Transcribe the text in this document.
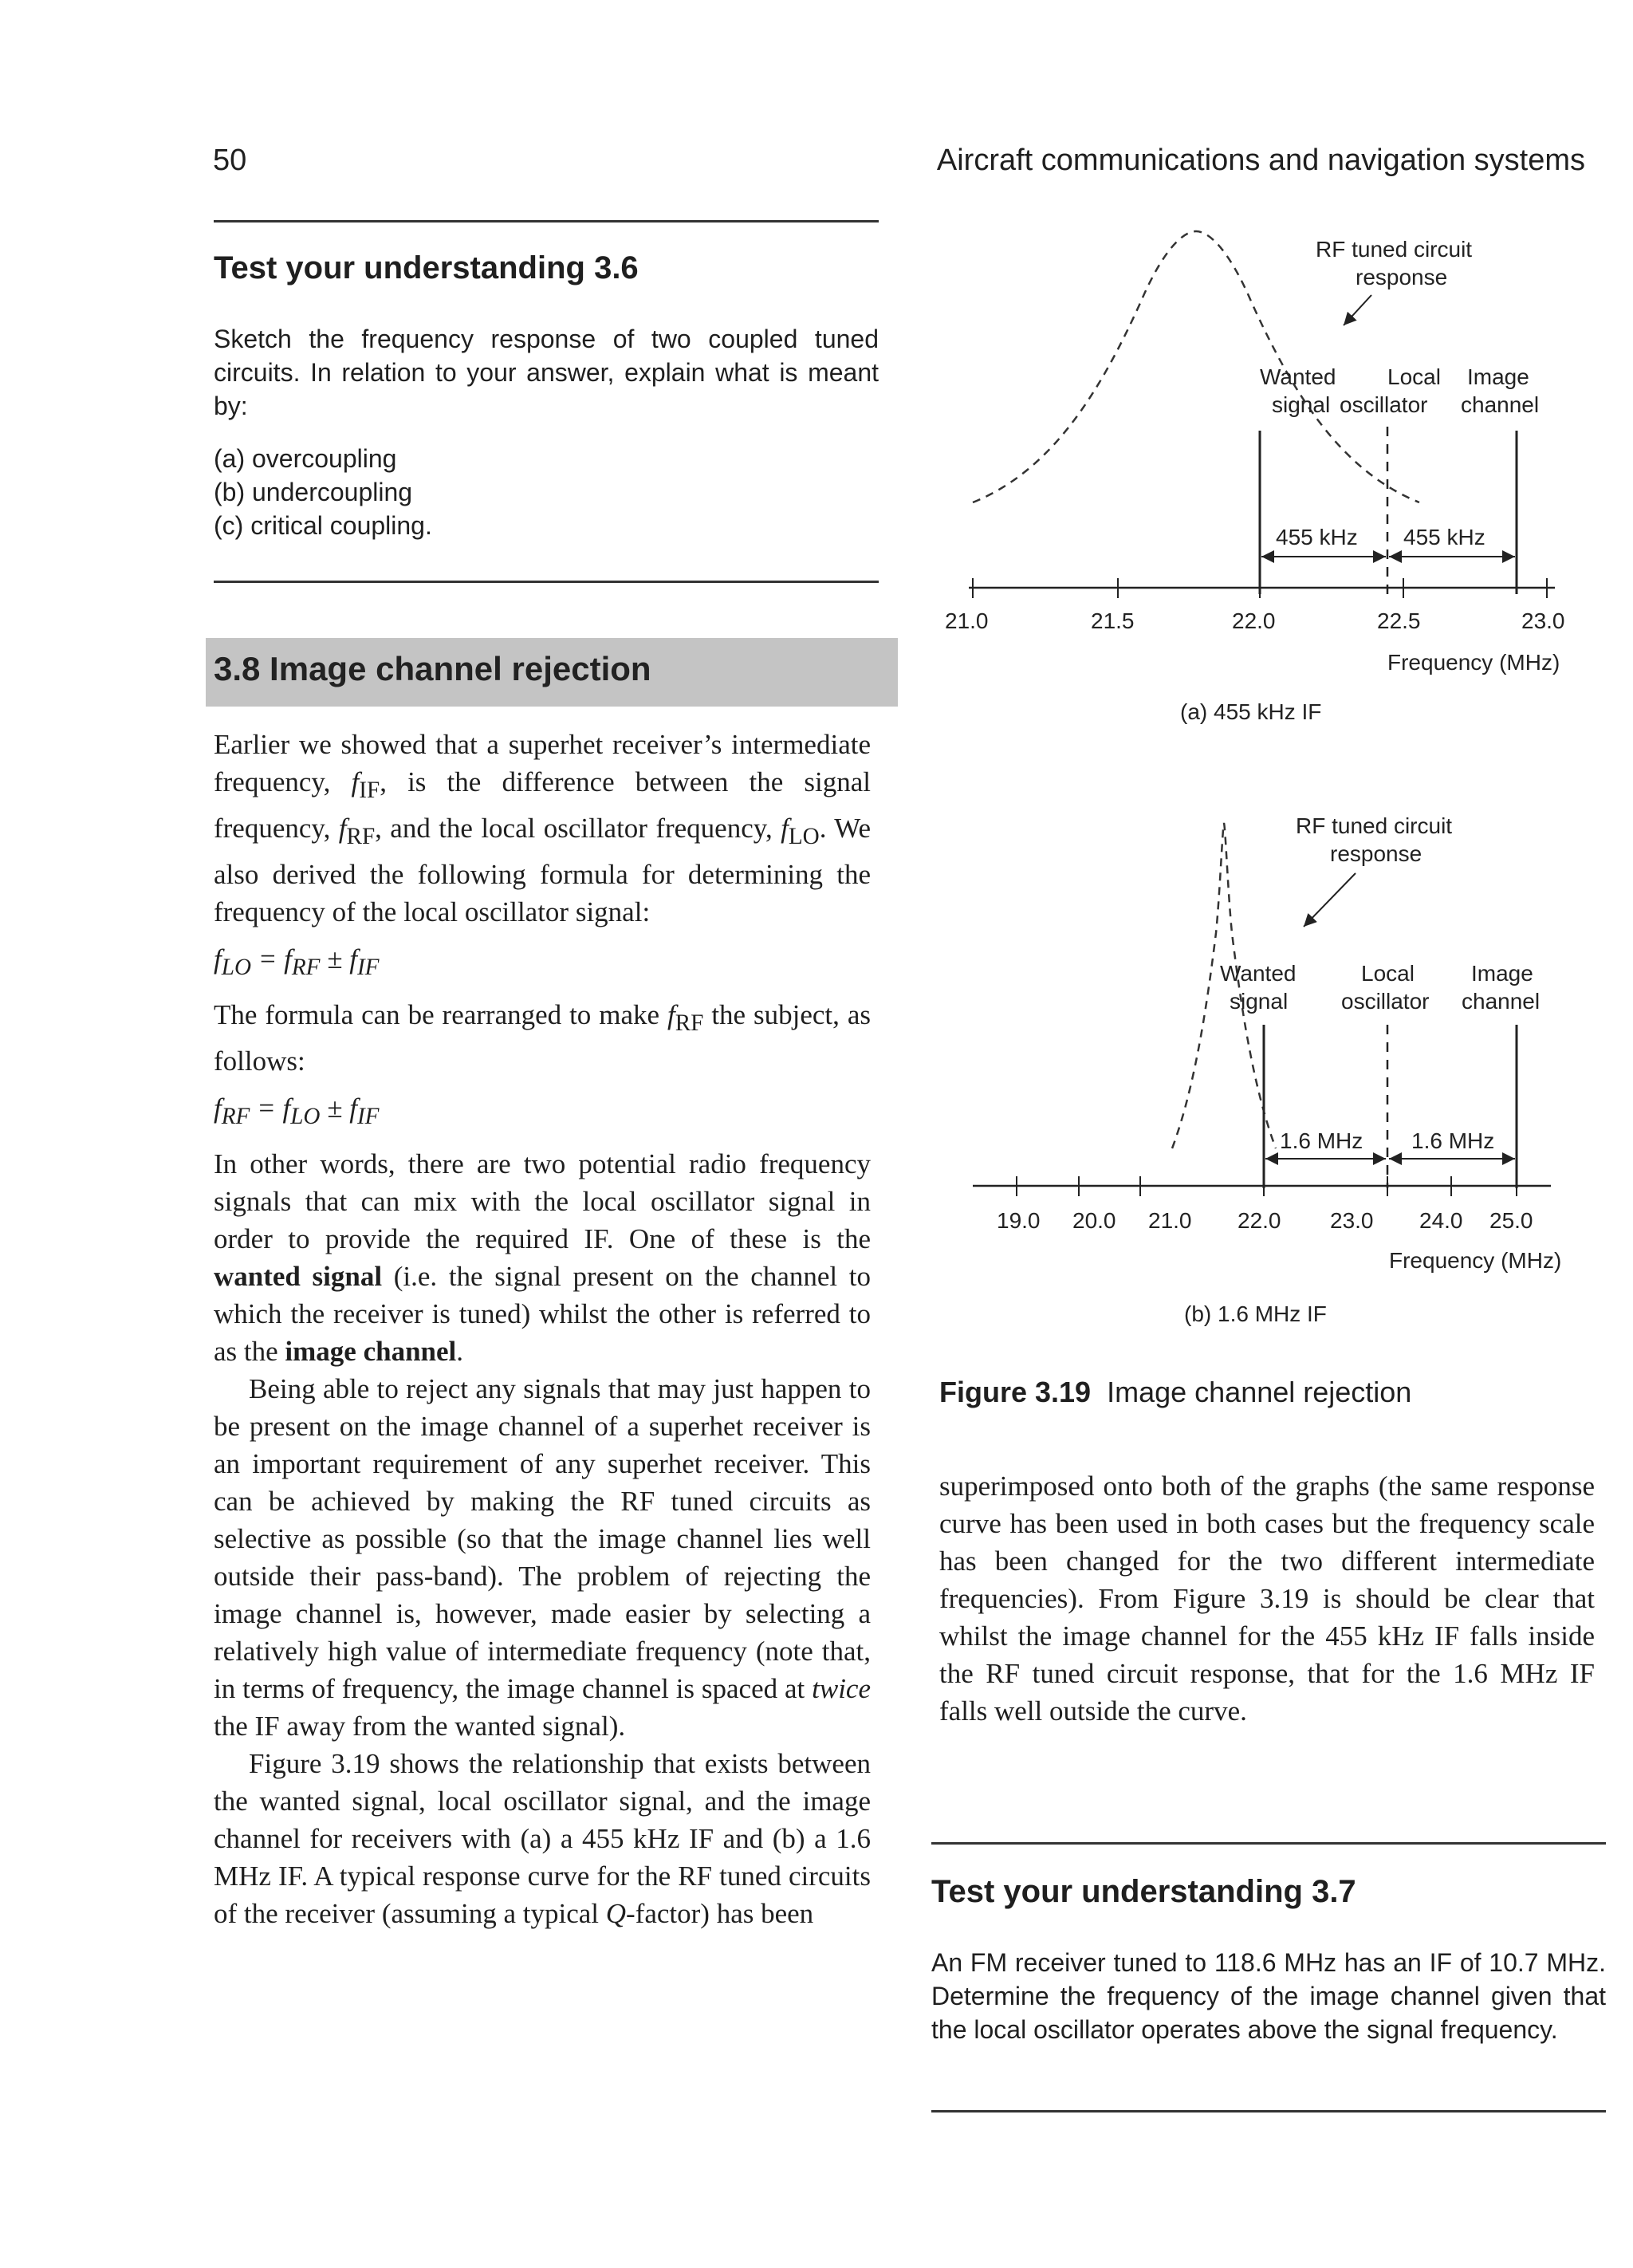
50	Aircraft communications and navigation systems
Test your understanding 3.6

Sketch the frequency response of two coupled tuned circuits. In relation to your answer, explain what is meant by:

(a) overcoupling
(b) undercoupling
(c) critical coupling.
3.8 Image channel rejection

Earlier we showed that a superhet receiver’s intermediate frequency, $f_{IF}$, is the difference between the signal frequency, $f_{RF}$, and the local oscillator frequency, $f_{LO}$. We also derived the following formula for determining the frequency of the local oscillator signal:

$f_{LO} = f_{RF} \pm f_{IF}$

The formula can be rearranged to make $f_{RF}$ the subject, as follows:

$f_{RF} = f_{LO} \pm f_{IF}$

In other words, there are two potential radio frequency signals that can mix with the local oscillator signal in order to provide the required IF. One of these is the wanted signal (i.e. the signal present on the channel to which the receiver is tuned) whilst the other is referred to as the image channel.

Being able to reject any signals that may just happen to be present on the image channel of a superhet receiver is an important requirement of any superhet receiver. This can be achieved by making the RF tuned circuits as selective as possible (so that the image channel lies well outside their pass-band). The problem of rejecting the image channel is, however, made easier by selecting a relatively high value of intermediate frequency (note that, in terms of frequency, the image channel is spaced at twice the IF away from the wanted signal).

Figure 3.19 shows the relationship that exists between the wanted signal, local oscillator signal, and the image channel for receivers with (a) a 455 kHz IF and (b) a 1.6 MHz IF. A typical response curve for the RF tuned circuits of the receiver (assuming a typical Q-factor) has been

RF tuned circuit
response
Wanted
signal
Local
oscillator
Image
channel
455 kHz 455 kHz
21.0	21.5	22.0	22.5	23.0
Frequency (MHz)
(a) 455 kHz IF
RF tuned circuit
response
Wanted
signal
Local
oscillator
Image
channel
1.6 MHz 1.6 MHz
19.0 20.0 21.0 22.0 23.0 24.0 25.0
Frequency (MHz)
(b) 1.6 MHz IF
Figure 3.19 Image channel rejection

superimposed onto both of the graphs (the same response curve has been used in both cases but the frequency scale has been changed for the two different intermediate frequencies). From Figure 3.19 is should be clear that whilst the image channel for the 455 kHz IF falls inside the RF tuned circuit response, that for the 1.6 MHz IF falls well outside the curve.

Test your understanding 3.7

An FM receiver tuned to 118.6 MHz has an IF of 10.7 MHz. Determine the frequency of the image channel given that the local oscillator operates above the signal frequency.
